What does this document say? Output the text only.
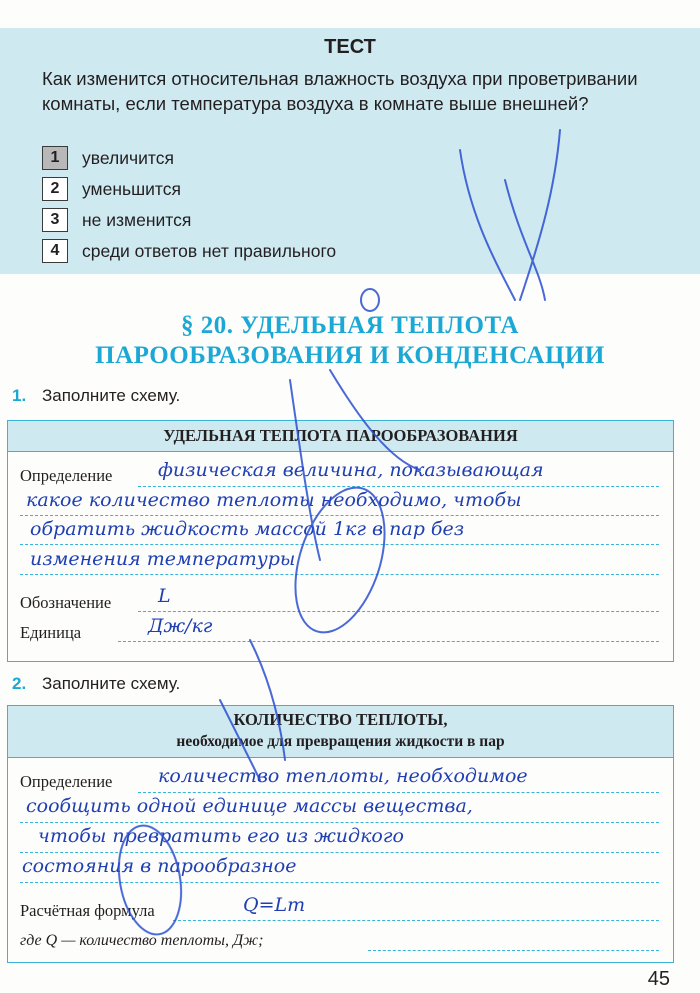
ТЕСТ
Как изменится относительная влажность воздуха при проветривании комнаты, если температура воздуха в комнате выше внешней?
1	увеличится
2	уменьшится
3	не изменится
4	среди ответов нет правильного
§ 20. УДЕЛЬНАЯ ТЕПЛОТА
ПАРООБРАЗОВАНИЯ И КОНДЕНСАЦИИ
1. Заполните схему.
УДЕЛЬНАЯ ТЕПЛОТА ПАРООБРАЗОВАНИЯ
Определение физическая величина, показывающая
какое количество теплоты необходимо, чтобы
обратить жидкость массой 1кг в пар без
изменения температуры
Обозначение L
Единица	Дж/кг
2. Заполните схему.
КОЛИЧЕСТВО ТЕПЛОТЫ,
необходимое для превращения жидкости в пар
Определение количество теплоты, необходимое
сообщить одной единице массы вещества,
чтобы превратить его из жидкого
состояния в парообразное
Расчётная формула	Q=Lm
где Q — количество теплоты, Дж;
45
